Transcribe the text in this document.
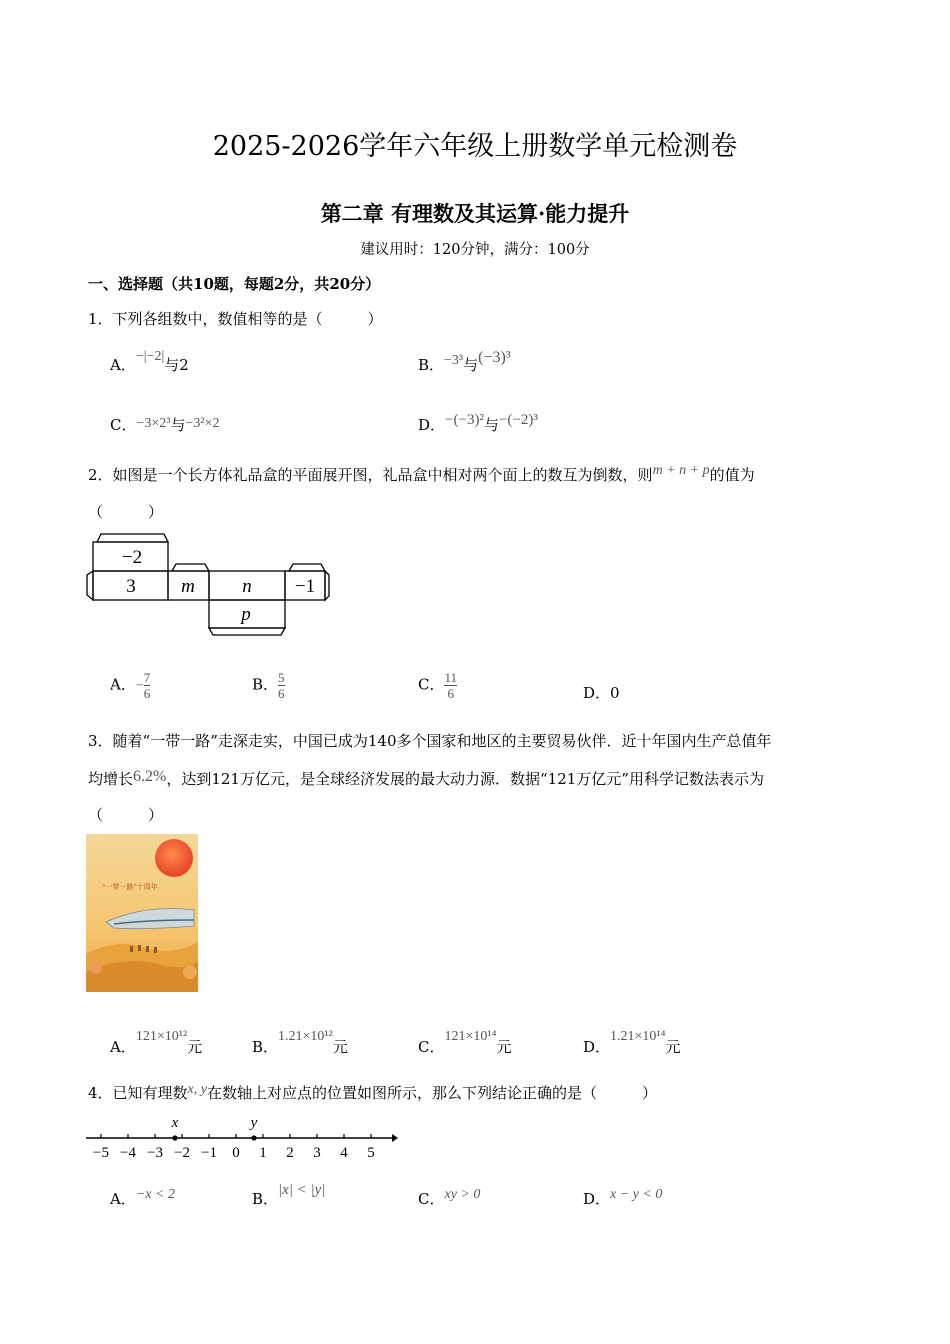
2025-2026学年六年级上册数学单元检测卷
第二章 有理数及其运算·能力提升
建议用时：120分钟，满分：100分
一、选择题（共10题，每题2分，共20分）
1．下列各组数中，数值相等的是（　　　）
A．−|−2|与2	B．−3³与(−3)³
C．−3×2³与−3²×2	D．−(−3)²与−(−2)³
2．如图是一个长方体礼品盒的平面展开图，礼品盒中相对两个面上的数互为倒数，则m + n + p的值为
（　　　）
−2
3 m n −1
p
A．− $\frac{7}{6}$	B． $\frac{5}{6}$	C． $\frac{11}{6}$	D．0
3．随着“一带一路”走深走实，中国已成为140多个国家和地区的主要贸易伙伴．近十年国内生产总值年
均增长6.2%，达到121万亿元，是全球经济发展的最大动力源．数据“121万亿元”用科学记数法表示为
（　　　）
“一带一路”十周年
A．121×10¹²元	B．1.21×10¹²元	C．121×10¹⁴元	D．1.21×10¹⁴元
4．已知有理数x, y在数轴上对应点的位置如图所示，那么下列结论正确的是（　　　）
−5 −4 −3 −2 −1 0 1 2 3 4 5
x	y
A．−x < 2	B．|x| < |y|	C．xy > 0	D．x − y < 0
